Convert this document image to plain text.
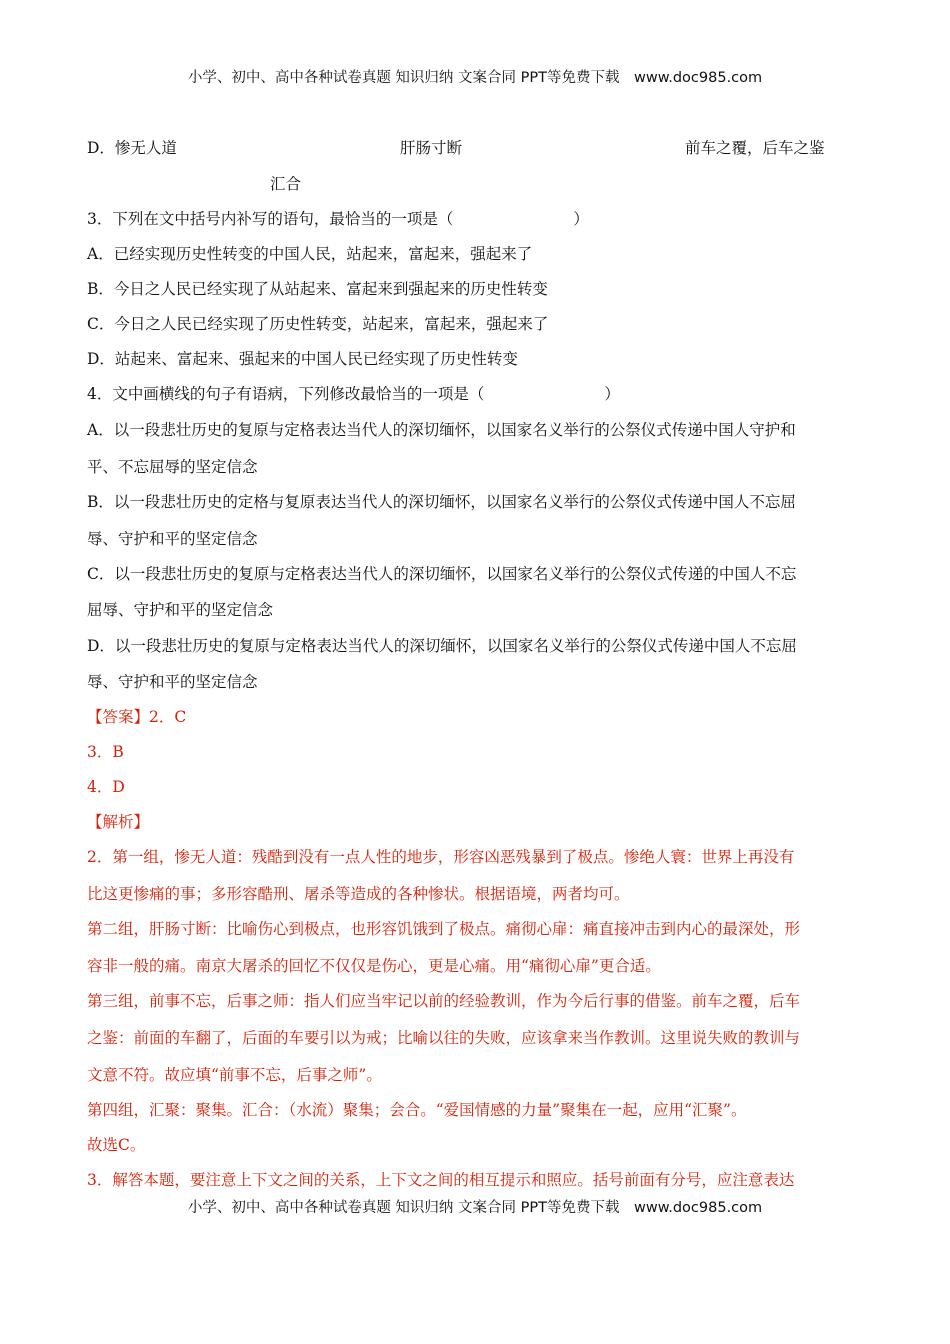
小学、初中、高中各种试卷真题 知识归纳 文案合同 PPT等免费下载　www.doc985.com
D．惨无人道	肝肠寸断	前车之覆，后车之鉴
汇合
3．下列在文中括号内补写的语句，最恰当的一项是（	）
A．已经实现历史性转变的中国人民，站起来，富起来，强起来了
B．今日之人民已经实现了从站起来、富起来到强起来的历史性转变
C．今日之人民已经实现了历史性转变，站起来，富起来，强起来了
D．站起来、富起来、强起来的中国人民已经实现了历史性转变
4．文中画横线的句子有语病，下列修改最恰当的一项是（	）
A．以一段悲壮历史的复原与定格表达当代人的深切缅怀，以国家名义举行的公祭仪式传递中国人守护和
平、不忘屈辱的坚定信念
B．以一段悲壮历史的定格与复原表达当代人的深切缅怀，以国家名义举行的公祭仪式传递中国人不忘屈
辱、守护和平的坚定信念
C．以一段悲壮历史的复原与定格表达当代人的深切缅怀，以国家名义举行的公祭仪式传递的中国人不忘
屈辱、守护和平的坚定信念
D．以一段悲壮历史的复原与定格表达当代人的深切缅怀，以国家名义举行的公祭仪式传递中国人不忘屈
辱、守护和平的坚定信念
【答案】2．C
3．B
4．D
【解析】
2．第一组，惨无人道：残酷到没有一点人性的地步，形容凶恶残暴到了极点。惨绝人寰：世界上再没有
比这更惨痛的事；多形容酷刑、屠杀等造成的各种惨状。根据语境，两者均可。
第二组，肝肠寸断：比喻伤心到极点，也形容饥饿到了极点。痛彻心扉：痛直接冲击到内心的最深处，形
容非一般的痛。南京大屠杀的回忆不仅仅是伤心，更是心痛。用“痛彻心扉”更合适。
第三组，前事不忘，后事之师：指人们应当牢记以前的经验教训，作为今后行事的借鉴。前车之覆，后车
之鉴：前面的车翻了，后面的车要引以为戒；比喻以往的失败，应该拿来当作教训。这里说失败的教训与
文意不符。故应填“前事不忘，后事之师”。
第四组，汇聚：聚集。汇合：（水流）聚集；会合。“爱国情感的力量”聚集在一起，应用“汇聚”。
故选C。
3．解答本题，要注意上下文之间的关系，上下文之间的相互提示和照应。括号前面有分号，应注意表达
小学、初中、高中各种试卷真题 知识归纳 文案合同 PPT等免费下载　www.doc985.com
